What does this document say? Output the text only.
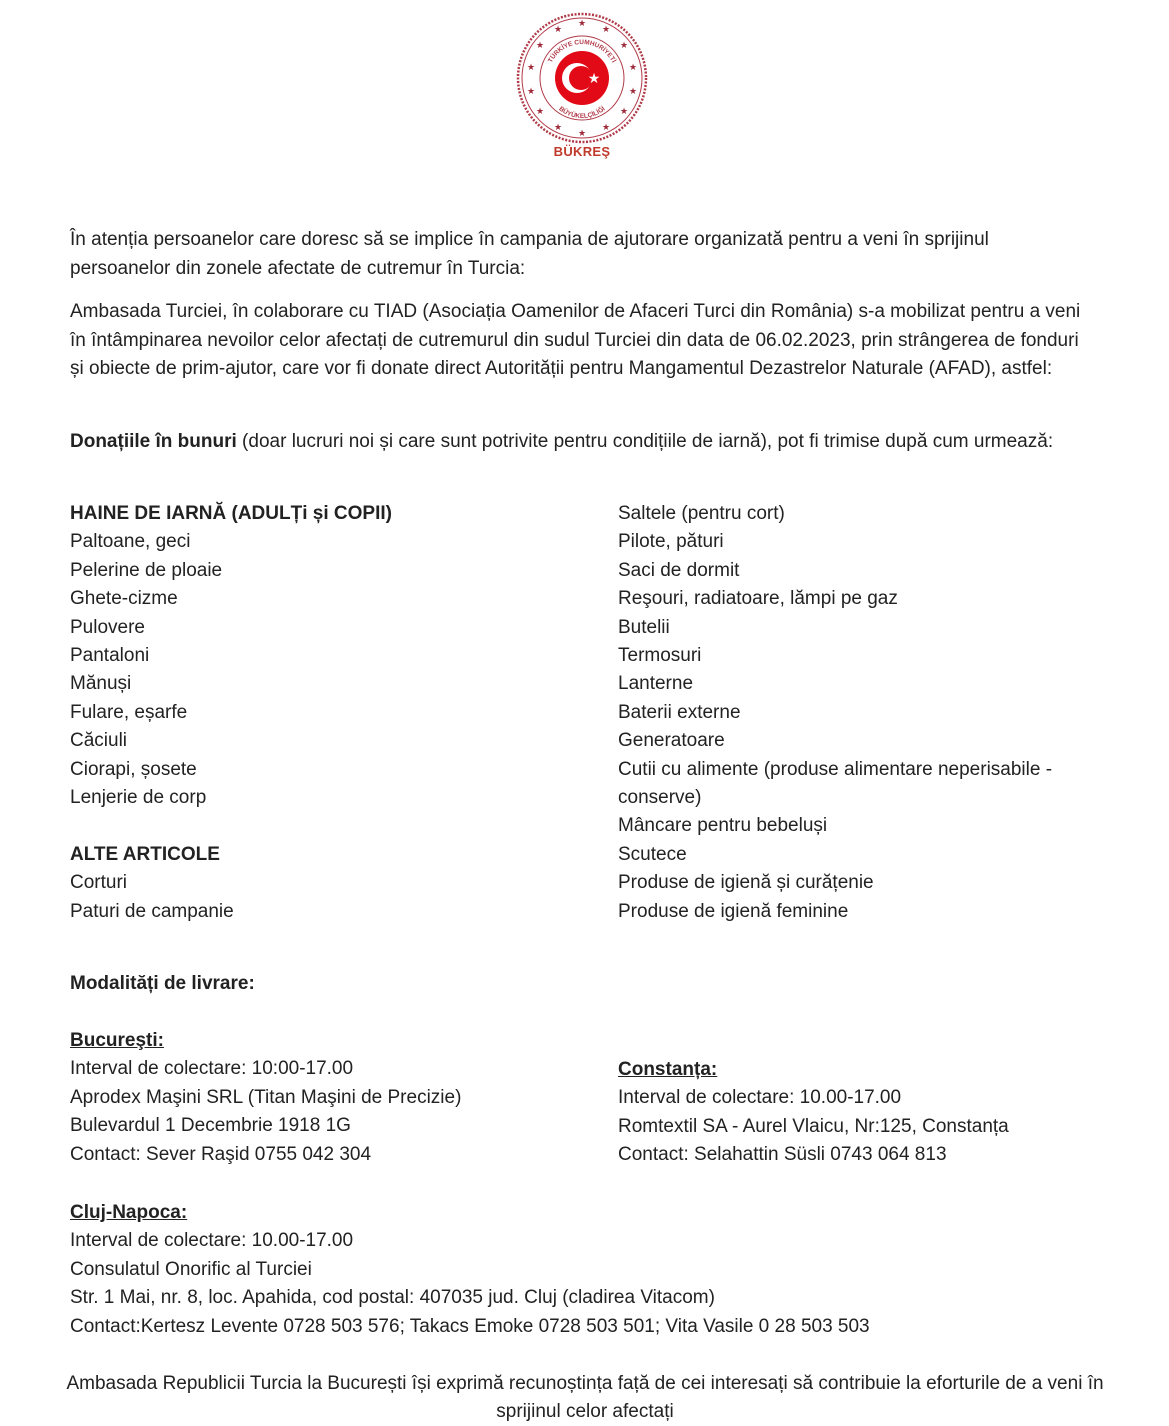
★
★
★
★
★
★
★
★
★
★
★
★
★
★
TÜRKİYE CUMHURİYETİ
BÜYÜKELÇİLİĞİ
★
BÜKREŞ

În atenția persoanelor care doresc să se implice în campania de ajutorare organizată pentru a veni în sprijinul persoanelor din zonele afectate de cutremur în Turcia:

Ambasada Turciei, în colaborare cu TIAD (Asociația Oamenilor de Afaceri Turci din România) s-a mobilizat pentru a veni în întâmpinarea nevoilor celor afectați de cutremurul din sudul Turciei din data de 06.02.2023, prin strângerea de fonduri și obiecte de prim-ajutor, care vor fi donate direct Autorității pentru Mangamentul Dezastrelor Naturale (AFAD), astfel:

Donațiile în bunuri (doar lucruri noi și care sunt potrivite pentru condițiile de iarnă), pot fi trimise după cum urmează:

HAINE DE IARNĂ (ADULȚi și COPII)
Paltoane, geci
Pelerine de ploaie
Ghete-cizme
Pulovere
Pantaloni
Mănuși
Fulare, eșarfe
Căciuli
Ciorapi, șosete
Lenjerie de corp
ALTE ARTICOLE
Corturi
Paturi de campanie
Saltele (pentru cort)
Pilote, pături
Saci de dormit
Reşouri, radiatoare, lămpi pe gaz
Butelii
Termosuri
Lanterne
Baterii externe
Generatoare
Cutii cu alimente (produse alimentare neperisabile - conserve)
Mâncare pentru bebeluși
Scutece
Produse de igienă și curățenie
Produse de igienă feminine
Modalități de livrare:
Bucureşti:
Interval de colectare: 10:00-17.00
Aprodex Maşini SRL (Titan Maşini de Precizie)
Bulevardul 1 Decembrie 1918 1G
Contact: Sever Raşid 0755 042 304
Constanța:
Interval de colectare: 10.00-17.00
Romtextil SA - Aurel Vlaicu, Nr:125, Constanța
Contact: Selahattin Süsli 0743 064 813
Cluj-Napoca:
Interval de colectare: 10.00-17.00
Consulatul Onorific al Turciei
Str. 1 Mai, nr. 8, loc. Apahida, cod postal: 407035 jud. Cluj (cladirea Vitacom)
Contact:Kertesz Levente 0728 503 576; Takacs Emoke 0728 503 501; Vita Vasile 0 28 503 503
Ambasada Republicii Turcia la București își exprimă recunoștința față de cei interesați să contribuie la eforturile de a veni în sprijinul celor afectați
